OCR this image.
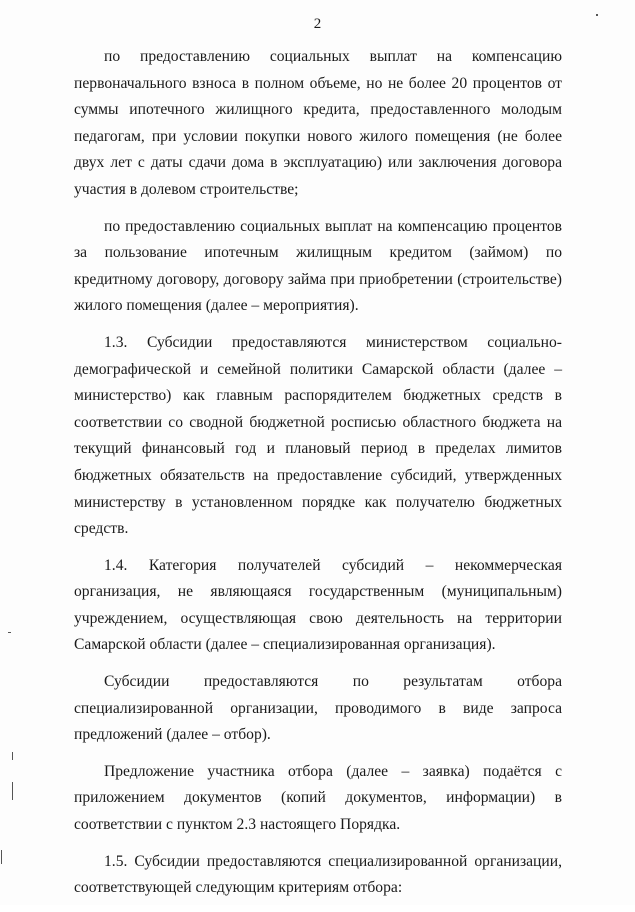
2

по предоставлению социальных выплат на компенсацию первоначального взноса в полном объеме, но не более 20 процентов от суммы ипотечного жилищного кредита, предоставленного молодым педагогам, при условии покупки нового жилого помещения (не более двух лет с даты сдачи дома в эксплуатацию) или заключения договора участия в долевом строительстве;

по предоставлению социальных выплат на компенсацию процентов за пользование ипотечным жилищным кредитом (займом) по кредитному договору, договору займа при приобретении (строительстве) жилого помещения (далее – мероприятия).

1.3. Субсидии предоставляются министерством социально-демографической и семейной политики Самарской области (далее – министерство) как главным распорядителем бюджетных средств в соответствии со сводной бюджетной росписью областного бюджета на текущий финансовый год и плановый период в пределах лимитов бюджетных обязательств на предоставление субсидий, утвержденных министерству в установленном порядке как получателю бюджетных средств.

1.4. Категория получателей субсидий – некоммерческая организация, не являющаяся государственным (муниципальным) учреждением, осуществляющая свою деятельность на территории Самарской области (далее – специализированная организация).

Субсидии предоставляются по результатам отбора специализированной организации, проводимого в виде запроса предложений (далее – отбор).

Предложение участника отбора (далее – заявка) подаётся с приложением документов (копий документов, информации) в соответствии с пунктом 2.3 настоящего Порядка.

1.5. Субсидии предоставляются специализированной организации, соответствующей следующим критериям отбора:
